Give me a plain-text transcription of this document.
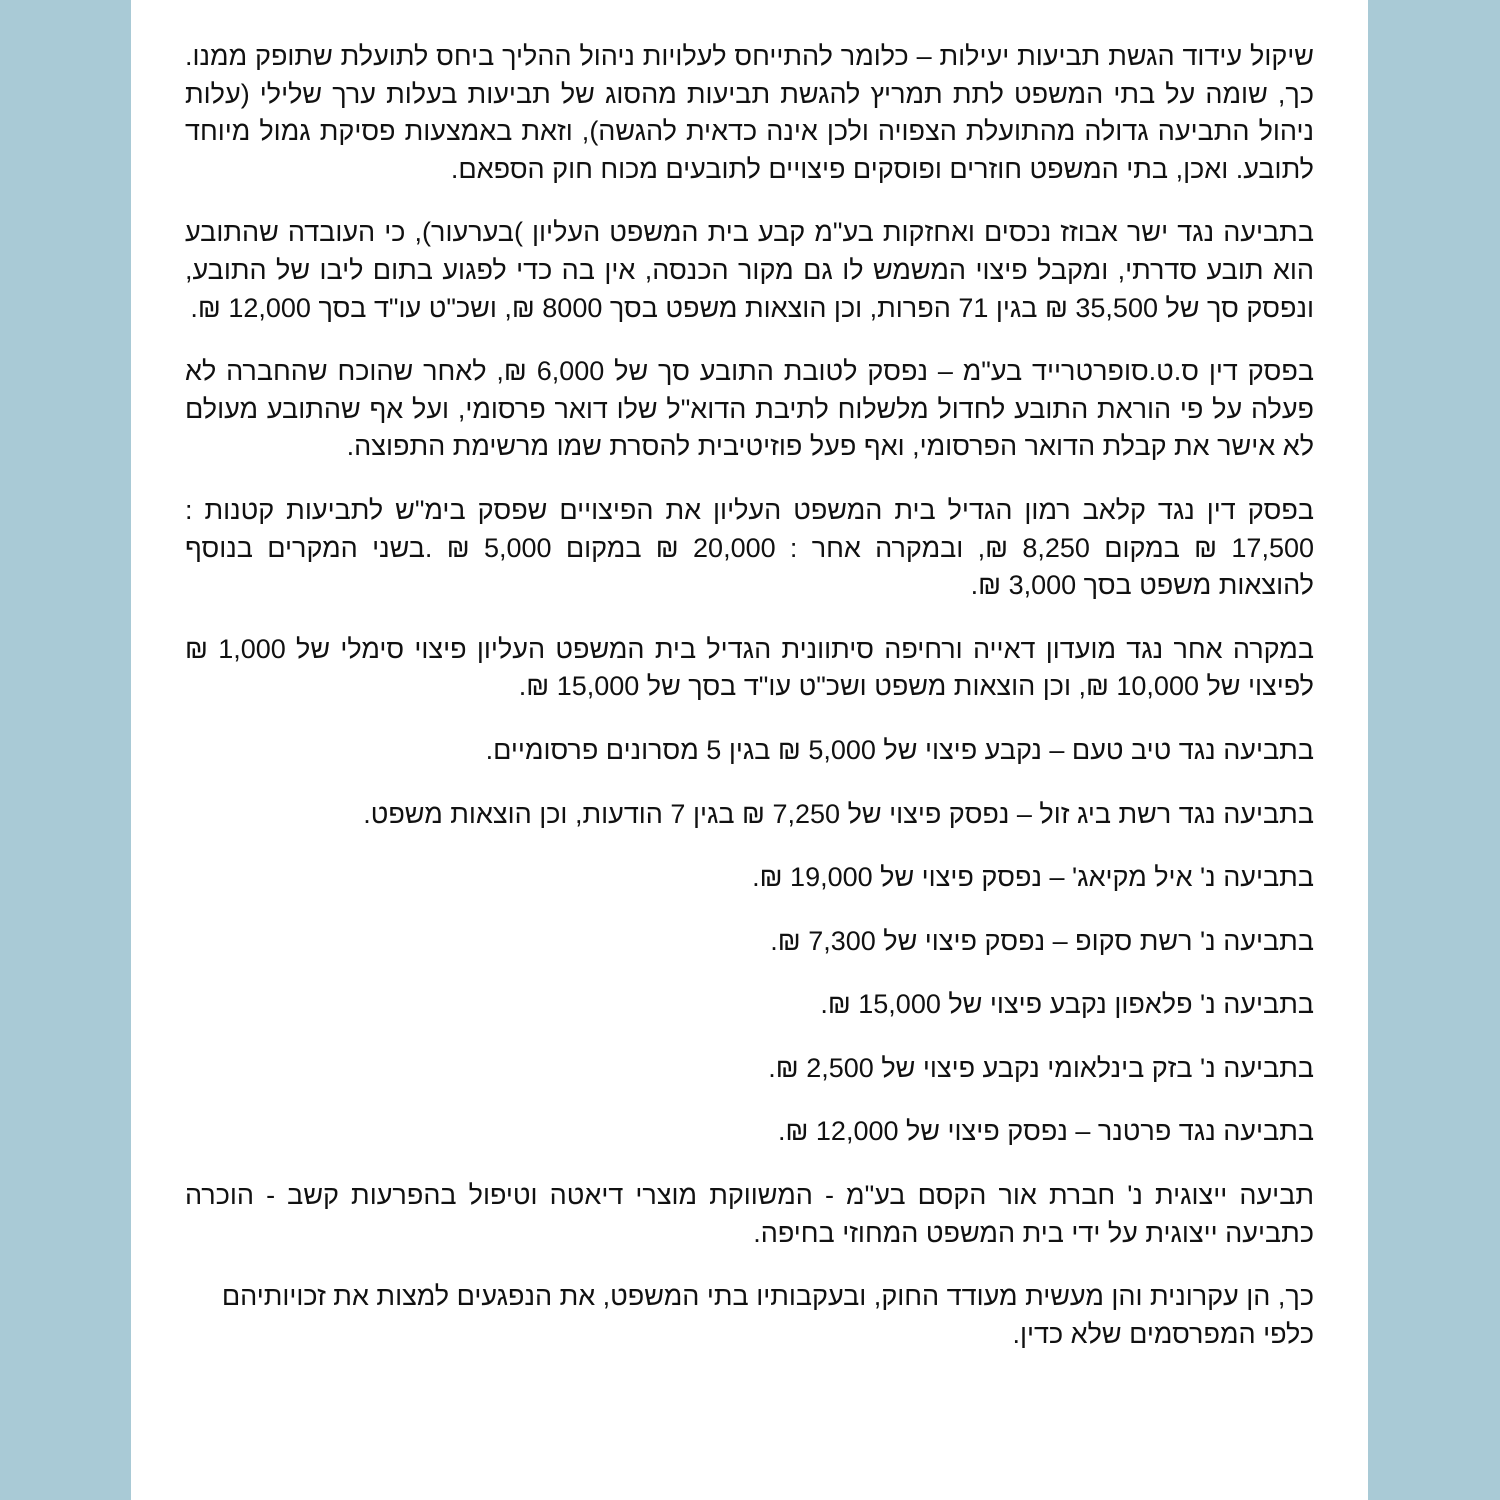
שיקול עידוד הגשת תביעות יעילות – כלומר להתייחס לעלויות ניהול ההליך ביחס לתועלת שתופק ממנו. כך, שומה על בתי המשפט לתת תמריץ להגשת תביעות מהסוג של תביעות בעלות ערך שלילי (עלות ניהול התביעה גדולה מהתועלת הצפויה ולכן אינה כדאית להגשה), וזאת באמצעות פסיקת גמול מיוחד לתובע. ואכן, בתי המשפט חוזרים ופוסקים פיצויים לתובעים מכוח חוק הספאם.

בתביעה נגד ישר אבוזז נכסים ואחזקות בע"מ קבע בית המשפט העליון )בערעור), כי העובדה שהתובע הוא תובע סדרתי, ומקבל פיצוי המשמש לו גם מקור הכנסה, אין בה כדי לפגוע בתום ליבו של התובע, ונפסק סך של 35,500 ₪ בגין 71 הפרות, וכן הוצאות משפט בסך 8000 ₪, ושכ"ט עו"ד בסך 12,000 ₪.

בפסק דין ס.ט.סופרטרייד בע"מ – נפסק לטובת התובע סך של 6,000 ₪, לאחר שהוכח שהחברה לא פעלה על פי הוראת התובע לחדול מלשלוח לתיבת הדוא"ל שלו דואר פרסומי, ועל אף שהתובע מעולם לא אישר את קבלת הדואר הפרסומי, ואף פעל פוזיטיבית להסרת שמו מרשימת התפוצה.

בפסק דין נגד קלאב רמון הגדיל בית המשפט העליון את הפיצויים שפסק בימ"ש לתביעות קטנות : 17,500 ₪ במקום 8,250 ₪, ובמקרה אחר : 20,000 ₪ במקום 5,000 ₪ .בשני המקרים בנוסף להוצאות משפט בסך 3,000 ₪.

במקרה אחר נגד מועדון דאייה ורחיפה סיתוונית הגדיל בית המשפט העליון פיצוי סימלי של 1,000 ₪ לפיצוי של 10,000 ₪, וכן הוצאות משפט ושכ"ט עו"ד בסך של 15,000 ₪.

בתביעה נגד טיב טעם – נקבע פיצוי של 5,000 ₪ בגין 5 מסרונים פרסומיים.

בתביעה נגד רשת ביג זול – נפסק פיצוי של 7,250 ₪ בגין 7 הודעות, וכן הוצאות משפט.

בתביעה נ' איל מקיאג' – נפסק פיצוי של 19,000 ₪.

בתביעה נ' רשת סקופ – נפסק פיצוי של 7,300 ₪.

בתביעה נ' פלאפון נקבע פיצוי של 15,000 ₪.

בתביעה נ' בזק בינלאומי נקבע פיצוי של 2,500 ₪.

בתביעה נגד פרטנר – נפסק פיצוי של 12,000 ₪.

תביעה ייצוגית נ' חברת אור הקסם בע"מ - המשווקת מוצרי דיאטה וטיפול בהפרעות קשב - הוכרה כתביעה ייצוגית על ידי בית המשפט המחוזי בחיפה.

כך, הן עקרונית והן מעשית מעודד החוק, ובעקבותיו בתי המשפט, את הנפגעים למצות את זכויותיהם כלפי המפרסמים שלא כדין.
